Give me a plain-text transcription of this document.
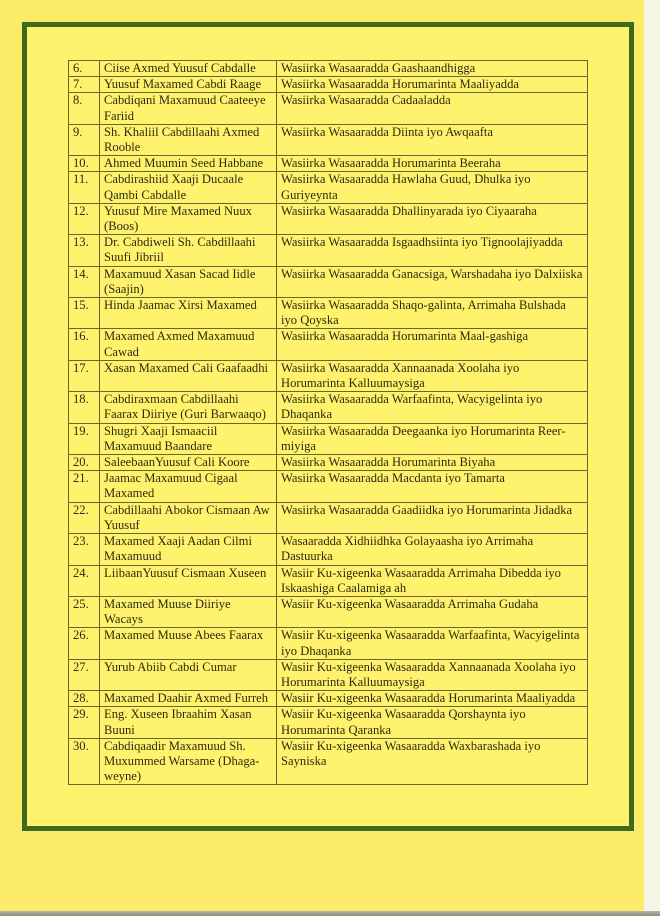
6.	Ciise Axmed Yuusuf Cabdalle	Wasiirka Wasaaradda Gaashaandhigga
7.	Yuusuf Maxamed Cabdi Raage	Wasiirka Wasaaradda Horumarinta Maaliyadda
8.	Cabdiqani Maxamuud Caateeye Fariid	Wasiirka Wasaaradda Cadaaladda
9.	Sh. Khaliil Cabdillaahi Axmed Rooble	Wasiirka Wasaaradda Diinta iyo Awqaafta
10.	Ahmed Muumin Seed Habbane	Wasiirka Wasaaradda Horumarinta Beeraha
11.	Cabdirashiid Xaaji Ducaale Qambi Cabdalle	Wasiirka Wasaaradda Hawlaha Guud, Dhulka iyo Guriyeynta
12.	Yuusuf Mire Maxamed Nuux (Boos)	Wasiirka Wasaaradda Dhallinyarada iyo Ciyaaraha
13.	Dr. Cabdiweli Sh. Cabdillaahi Suufi Jibriil	Wasiirka Wasaaradda Isgaadhsiinta iyo Tignoolajiyadda
14.	Maxamuud Xasan Sacad Iidle (Saajin)	Wasiirka Wasaaradda Ganacsiga, Warshadaha iyo Dalxiiska
15.	Hinda Jaamac Xirsi Maxamed	Wasiirka Wasaaradda Shaqo-galinta, Arrimaha Bulshada iyo Qoyska
16.	Maxamed Axmed Maxamuud Cawad	Wasiirka Wasaaradda Horumarinta Maal-gashiga
17.	Xasan Maxamed Cali Gaafaadhi	Wasiirka Wasaaradda Xannaanada Xoolaha iyo Horumarinta Kalluumaysiga
18.	Cabdiraxmaan Cabdillaahi Faarax Diiriye (Guri Barwaaqo)	Wasiirka Wasaaradda Warfaafinta, Wacyigelinta iyo Dhaqanka
19.	Shugri Xaaji Ismaaciil Maxamuud Baandare	Wasiirka Wasaaradda Deegaanka iyo Horumarinta Reer-miyiga
20.	SaleebaanYuusuf Cali Koore	Wasiirka Wasaaradda Horumarinta Biyaha
21.	Jaamac Maxamuud Cigaal Maxamed	Wasiirka Wasaaradda Macdanta iyo Tamarta
22.	Cabdillaahi Abokor Cismaan Aw Yuusuf	Wasiirka Wasaaradda Gaadiidka iyo Horumarinta Jidadka
23.	Maxamed Xaaji Aadan Cilmi Maxamuud	Wasaaradda Xidhiidhka Golayaasha iyo Arrimaha Dastuurka
24.	LiibaanYuusuf Cismaan Xuseen	Wasiir Ku-xigeenka Wasaaradda Arrimaha Dibedda iyo Iskaashiga Caalamiga ah
25.	Maxamed Muuse Diiriye Wacays	Wasiir Ku-xigeenka Wasaaradda Arrimaha Gudaha
26.	Maxamed Muuse Abees Faarax	Wasiir Ku-xigeenka Wasaaradda Warfaafinta, Wacyigelinta iyo Dhaqanka
27.	Yurub Abiib Cabdi Cumar	Wasiir Ku-xigeenka Wasaaradda Xannaanada Xoolaha iyo Horumarinta Kalluumaysiga
28.	Maxamed Daahir Axmed Furreh	Wasiir Ku-xigeenka Wasaaradda Horumarinta Maaliyadda
29.	Eng. Xuseen Ibraahim Xasan Buuni	Wasiir Ku-xigeenka Wasaaradda Qorshaynta iyo Horumarinta Qaranka
30.	Cabdiqaadir Maxamuud Sh. Muxummed Warsame (Dhaga-weyne)	Wasiir Ku-xigeenka Wasaaradda Waxbarashada iyo Sayniska
